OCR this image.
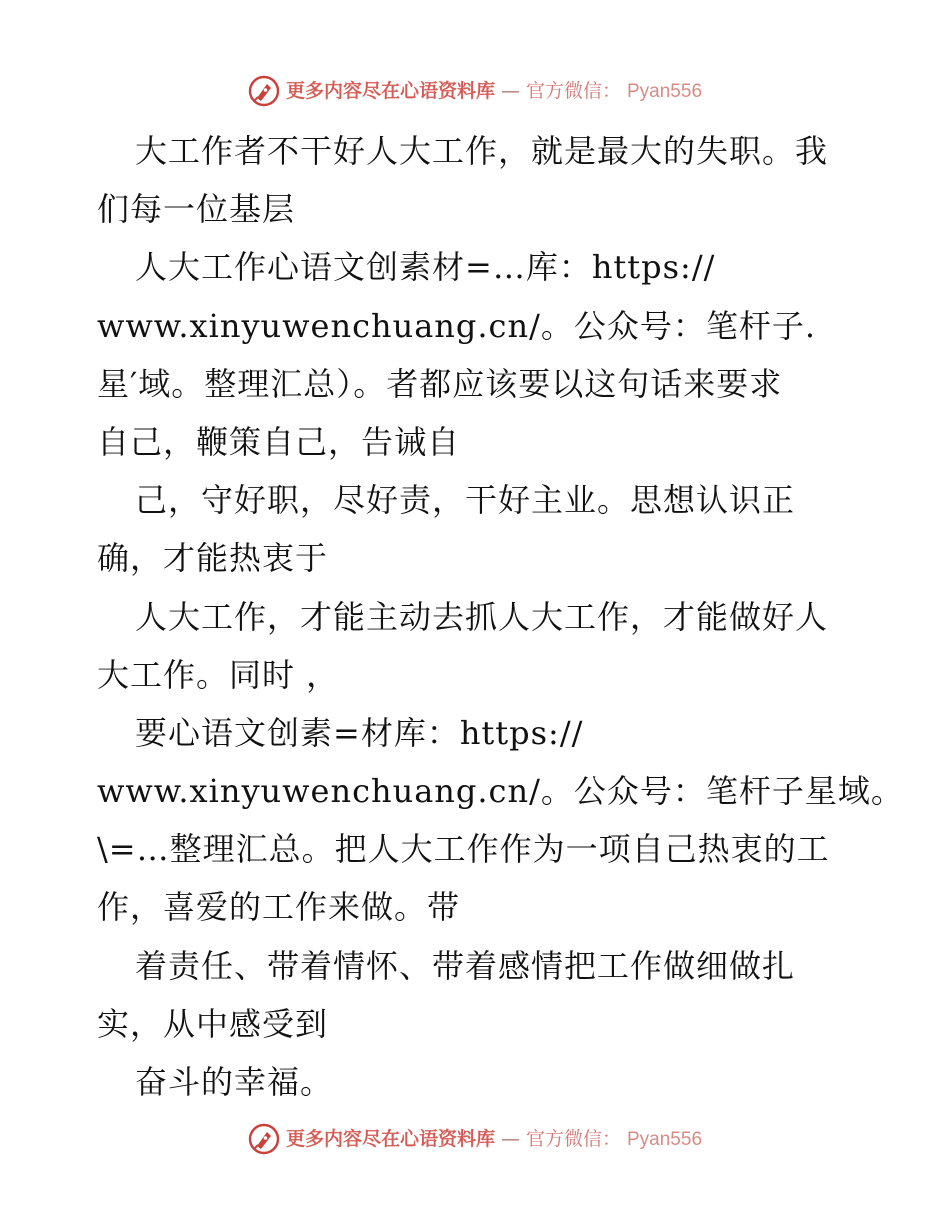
更多内容尽在心语资料库 — 官方微信： Pyan556
大工作者不干好人大工作，就是最大的失职。我
们每一位基层
人大工作心语文创素材=…库：https://
www.xinyuwenchuang.cn/。公众号：笔杆子.
星′域。整理汇总）。者都应该要以这句话来要求
自己，鞭策自己，告诫自
己，守好职，尽好责，干好主业。思想认识正
确，才能热衷于
人大工作，才能主动去抓人大工作，才能做好人
大工作。同时 ，
要心语文创素=材库：https://
www.xinyuwenchuang.cn/。公众号：笔杆子星域。
\=…整理汇总。把人大工作作为一项自己热衷的工
作，喜爱的工作来做。带
着责任、带着情怀、带着感情把工作做细做扎
实，从中感受到
奋斗的幸福。
更多内容尽在心语资料库 — 官方微信： Pyan556
